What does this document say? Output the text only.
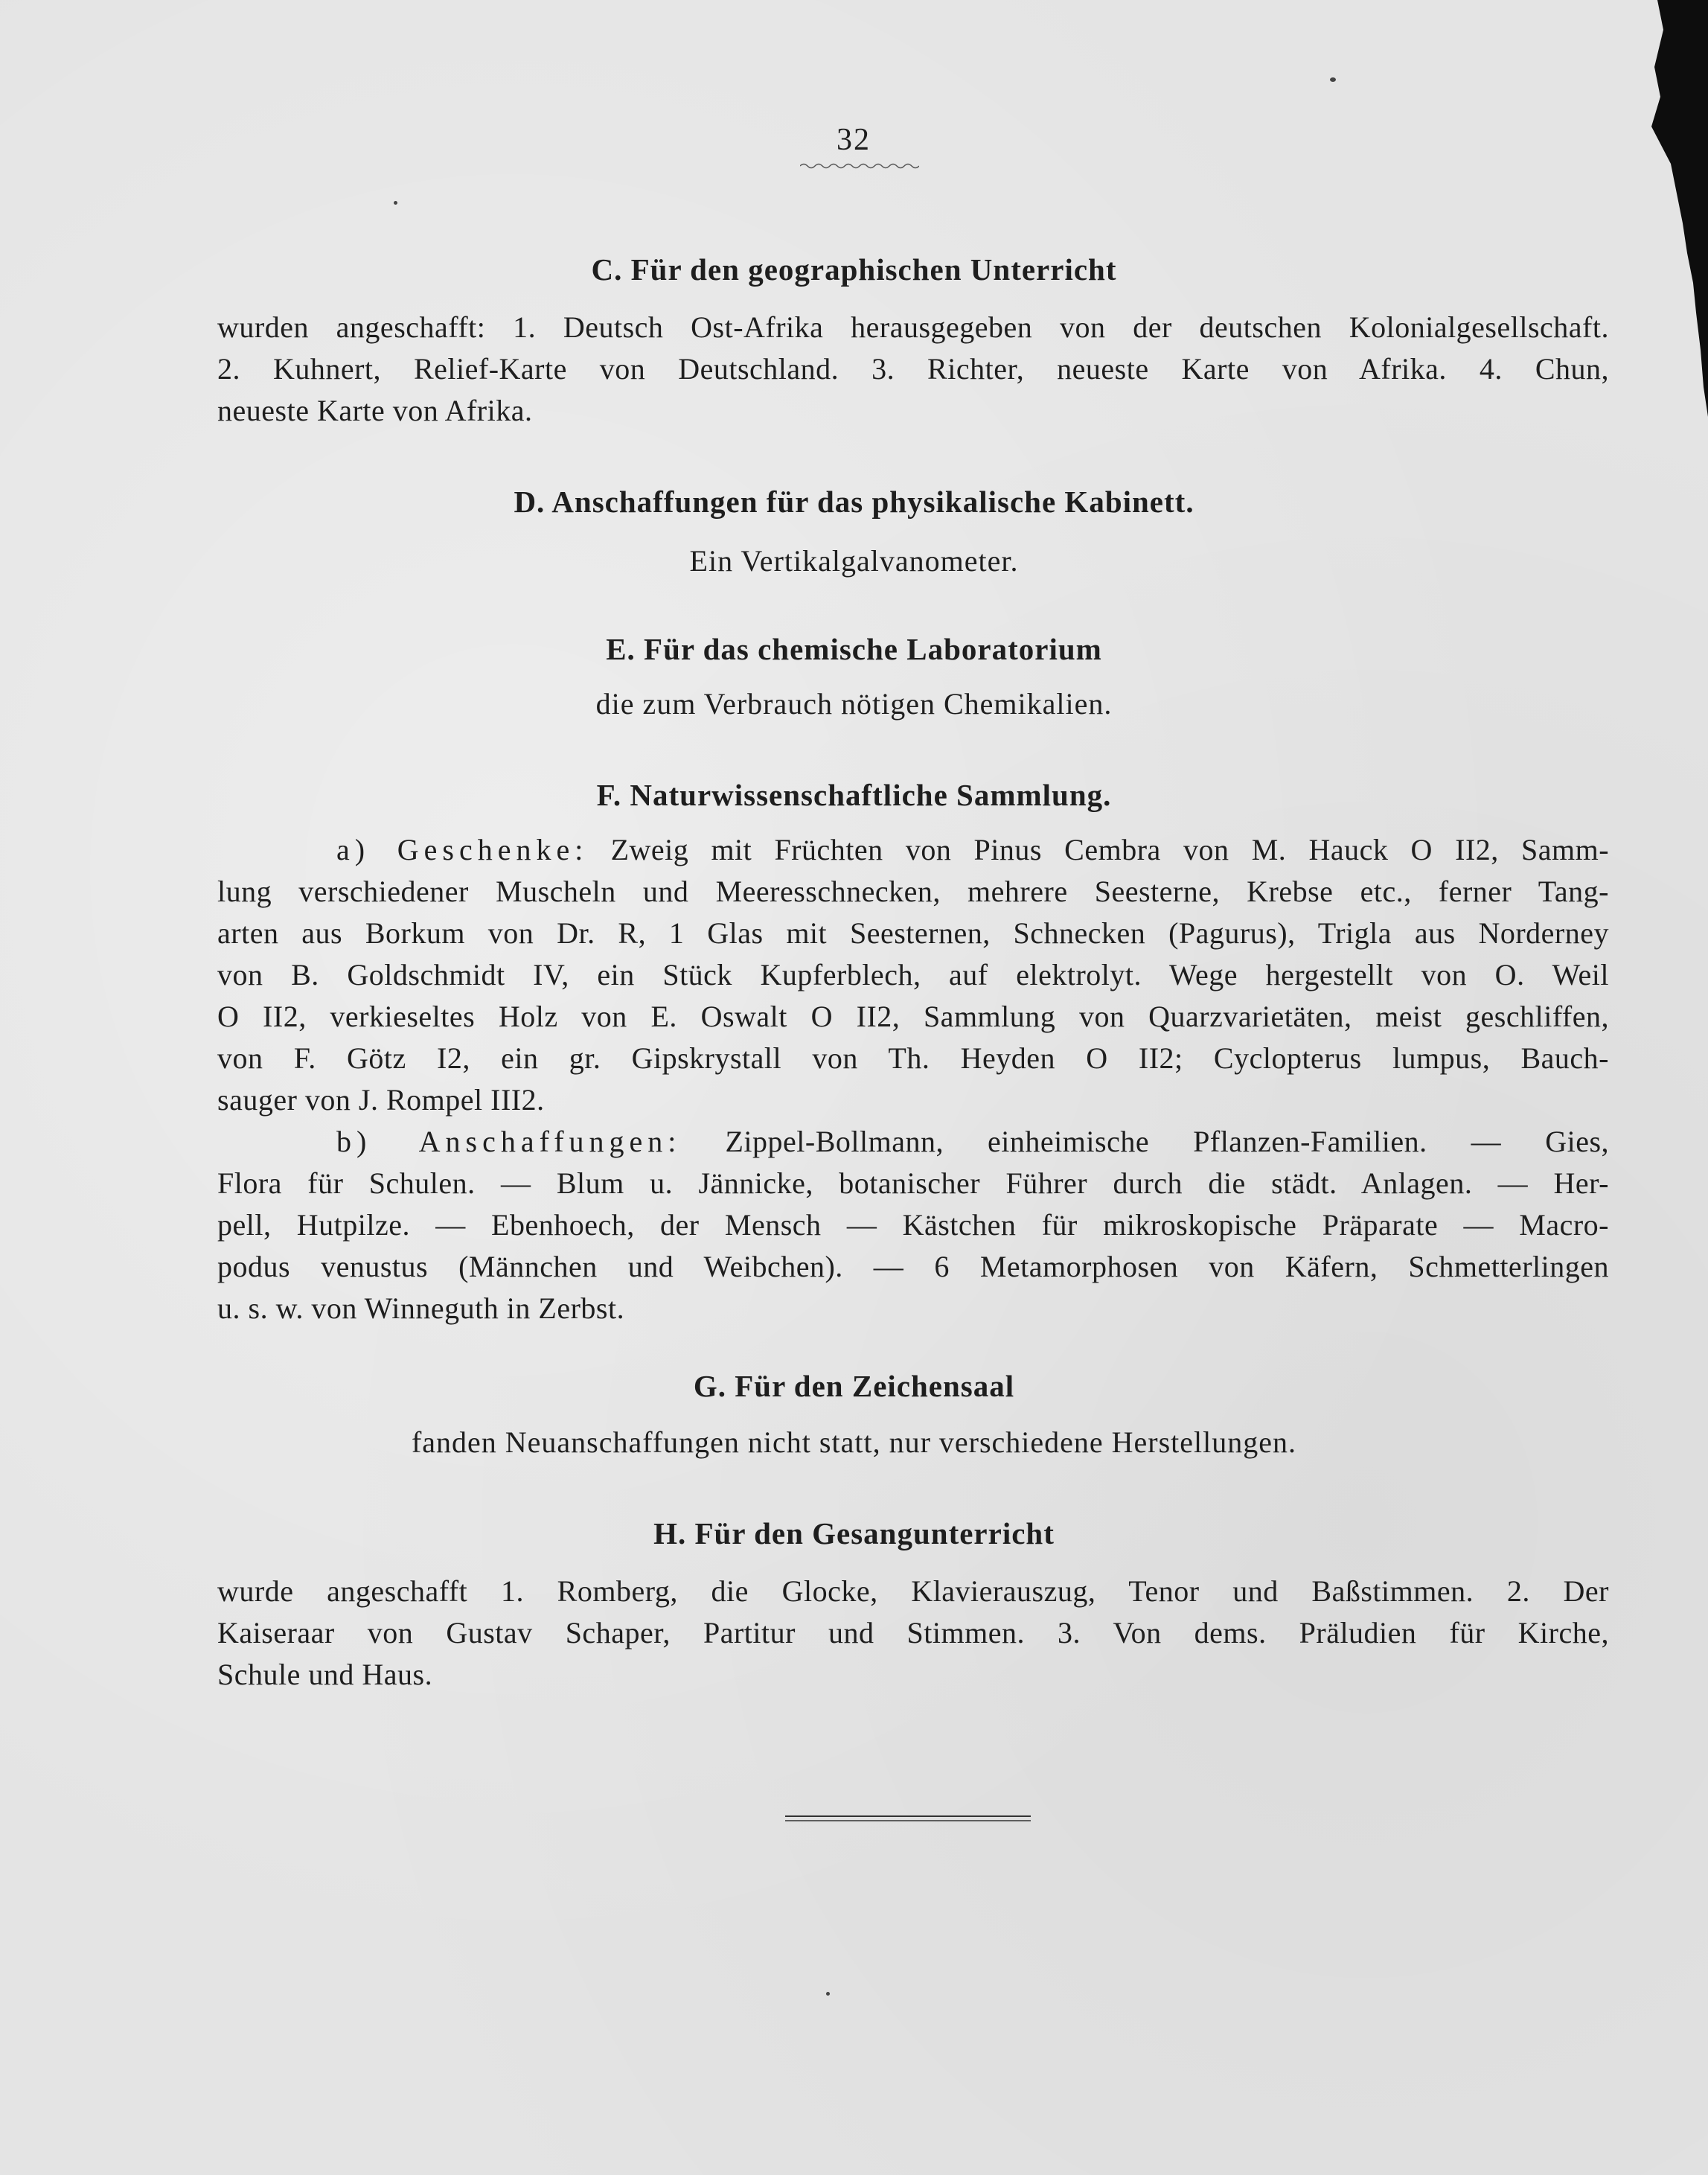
32
C. Für den geographischen Unterricht
wurden angeschafft: 1. Deutsch Ost-Afrika herausgegeben von der deutschen Kolonialgesellschaft.
2. Kuhnert, Relief-Karte von Deutschland. 3. Richter, neueste Karte von Afrika. 4. Chun,
neueste Karte von Afrika.
D. Anschaffungen für das physikalische Kabinett.
Ein Vertikalgalvanometer.
E. Für das chemische Laboratorium
die zum Verbrauch nötigen Chemikalien.
F. Naturwissenschaftliche Sammlung.
a) Geschenke: Zweig mit Früchten von Pinus Cembra von M. Hauck O II2, Samm-
lung verschiedener Muscheln und Meeresschnecken, mehrere Seesterne, Krebse etc., ferner Tang-
arten aus Borkum von Dr. R, 1 Glas mit Seesternen, Schnecken (Pagurus), Trigla aus Norderney
von B. Goldschmidt IV, ein Stück Kupferblech, auf elektrolyt. Wege hergestellt von O. Weil
O II2, verkieseltes Holz von E. Oswalt O II2, Sammlung von Quarzvarietäten, meist geschliffen,
von F. Götz I2, ein gr. Gipskrystall von Th. Heyden O II2; Cyclopterus lumpus, Bauch-
sauger von J. Rompel III2.
b) Anschaffungen: Zippel-Bollmann, einheimische Pflanzen-Familien. — Gies,
Flora für Schulen. — Blum u. Jännicke, botanischer Führer durch die städt. Anlagen. — Her-
pell, Hutpilze. — Ebenhoech, der Mensch — Kästchen für mikroskopische Präparate — Macro-
podus venustus (Männchen und Weibchen). — 6 Metamorphosen von Käfern, Schmetterlingen
u. s. w. von Winneguth in Zerbst.
G. Für den Zeichensaal
fanden Neuanschaffungen nicht statt, nur verschiedene Herstellungen.
H. Für den Gesangunterricht
wurde angeschafft 1. Romberg, die Glocke, Klavierauszug, Tenor und Baßstimmen. 2. Der
Kaiseraar von Gustav Schaper, Partitur und Stimmen. 3. Von dems. Präludien für Kirche,
Schule und Haus.
